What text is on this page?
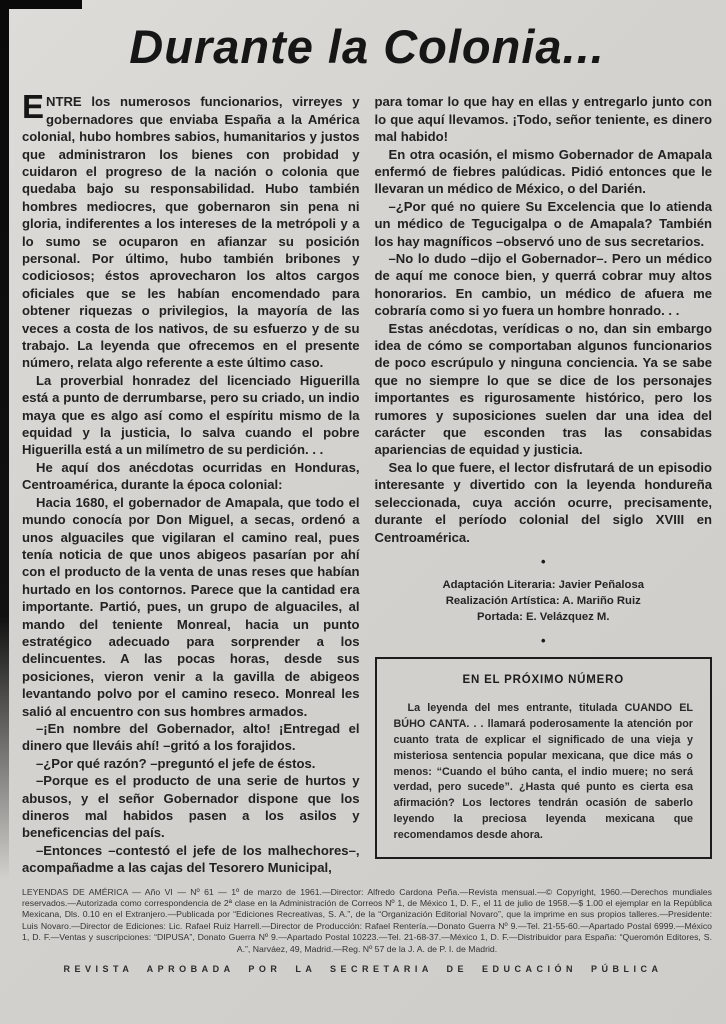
Durante la Colonia...

ENTRE los numerosos funcionarios, virreyes y gobernadores que enviaba España a la América colonial, hubo hombres sabios, humanitarios y justos que administraron los bienes con probidad y cuidaron el progreso de la nación o colonia que quedaba bajo su responsabilidad. Hubo también hombres mediocres, que gobernaron sin pena ni gloria, indiferentes a los intereses de la metrópoli y a lo sumo se ocuparon en afianzar su posición personal. Por último, hubo también bribones y codiciosos; éstos aprovecharon los altos cargos oficiales que se les habían encomendado para obtener riquezas o privilegios, la mayoría de las veces a costa de los nativos, de su esfuerzo y de su trabajo. La leyenda que ofrecemos en el presente número, relata algo referente a este último caso.

La proverbial honradez del licenciado Higuerilla está a punto de derrumbarse, pero su criado, un indio maya que es algo así como el espíritu mismo de la equidad y la justicia, lo salva cuando el pobre Higuerilla está a un milímetro de su perdición. . .

He aquí dos anécdotas ocurridas en Honduras, Centroamérica, durante la época colonial:

Hacia 1680, el gobernador de Amapala, que todo el mundo conocía por Don Miguel, a secas, ordenó a unos alguaciles que vigilaran el camino real, pues tenía noticia de que unos abigeos pasarían por ahí con el producto de la venta de unas reses que habían hurtado en los contornos. Parece que la cantidad era importante. Partió, pues, un grupo de alguaciles, al mando del teniente Monreal, hacia un punto estratégico adecuado para sorprender a los delincuentes. A las pocas horas, desde sus posiciones, vieron venir a la gavilla de abigeos levantando polvo por el camino reseco. Monreal les salió al encuentro con sus hombres armados.

–¡En nombre del Gobernador, alto! ¡Entregad el dinero que lleváis ahí! –gritó a los forajidos.

–¿Por qué razón? –preguntó el jefe de éstos.

–Porque es el producto de una serie de hurtos y abusos, y el señor Gobernador dispone que los dineros mal habidos pasen a los asilos y beneficencias del país.

–Entonces –contestó el jefe de los malhechores–, acompañadme a las cajas del Tesorero Municipal,

para tomar lo que hay en ellas y entregarlo junto con lo que aquí llevamos. ¡Todo, señor teniente, es dinero mal habido!

En otra ocasión, el mismo Gobernador de Amapala enfermó de fiebres palúdicas. Pidió entonces que le llevaran un médico de México, o del Darién.

–¿Por qué no quiere Su Excelencia que lo atienda un médico de Tegucigalpa o de Amapala? También los hay magníficos –observó uno de sus secretarios.

–No lo dudo –dijo el Gobernador–. Pero un médico de aquí me conoce bien, y querrá cobrar muy altos honorarios. En cambio, un médico de afuera me cobraría como si yo fuera un hombre honrado. . .

Estas anécdotas, verídicas o no, dan sin embargo idea de cómo se comportaban algunos funcionarios de poco escrúpulo y ninguna conciencia. Ya se sabe que no siempre lo que se dice de los personajes importantes es rigurosamente histórico, pero los rumores y suposiciones suelen dar una idea del carácter que esconden tras las consabidas apariencias de equidad y justicia.

Sea lo que fuere, el lector disfrutará de un episodio interesante y divertido con la leyenda hondureña seleccionada, cuya acción ocurre, precisamente, durante el período colonial del siglo XVIII en Centroamérica.

•
Adaptación Literaria: Javier Peñalosa
Realización Artística: A. Mariño Ruiz
Portada: E. Velázquez M.
•
EN EL PRÓXIMO NÚMERO

La leyenda del mes entrante, titulada CUANDO EL BÚHO CANTA. . . llamará poderosamente la atención por cuanto trata de explicar el significado de una vieja y misteriosa sentencia popular mexicana, que dice más o menos: “Cuando el búho canta, el indio muere; no será verdad, pero sucede”. ¿Hasta qué punto es cierta esa afirmación? Los lectores tendrán ocasión de saberlo leyendo la preciosa leyenda mexicana que recomendamos desde ahora.

LEYENDAS DE AMÉRICA — Año VI — Nº 61 — 1º de marzo de 1961.—Director: Alfredo Cardona Peña.—Revista mensual.—© Copyright, 1960.—Derechos mundiales reservados.—Autorizada como correspondencia de 2ª clase en la Administración de Correos Nº 1, de México 1, D. F., el 11 de julio de 1958.—$ 1.00 el ejemplar en la República Mexicana, Dls. 0.10 en el Extranjero.—Publicada por “Ediciones Recreativas, S. A.”, de la “Organización Editorial Novaro”, que la imprime en sus propios talleres.—Presidente: Luis Novaro.—Director de Ediciones: Lic. Rafael Ruiz Harrell.—Director de Producción: Rafael Rentería.—Donato Guerra Nº 9.—Tel. 21-55-60.—Apartado Postal 6999.—México 1, D. F.—Ventas y suscripciones: “DIPUSA”, Donato Guerra Nº 9.—Apartado Postal 10223.—Tel. 21-68-37.—México 1, D. F.—Distribuidor para España: “Queromón Editores, S. A.”, Narváez, 49, Madrid.—Reg. Nº 57 de la J. A. de P. I. de Madrid.

REVISTA APROBADA POR LA SECRETARIA DE EDUCACIÓN PÚBLICA
